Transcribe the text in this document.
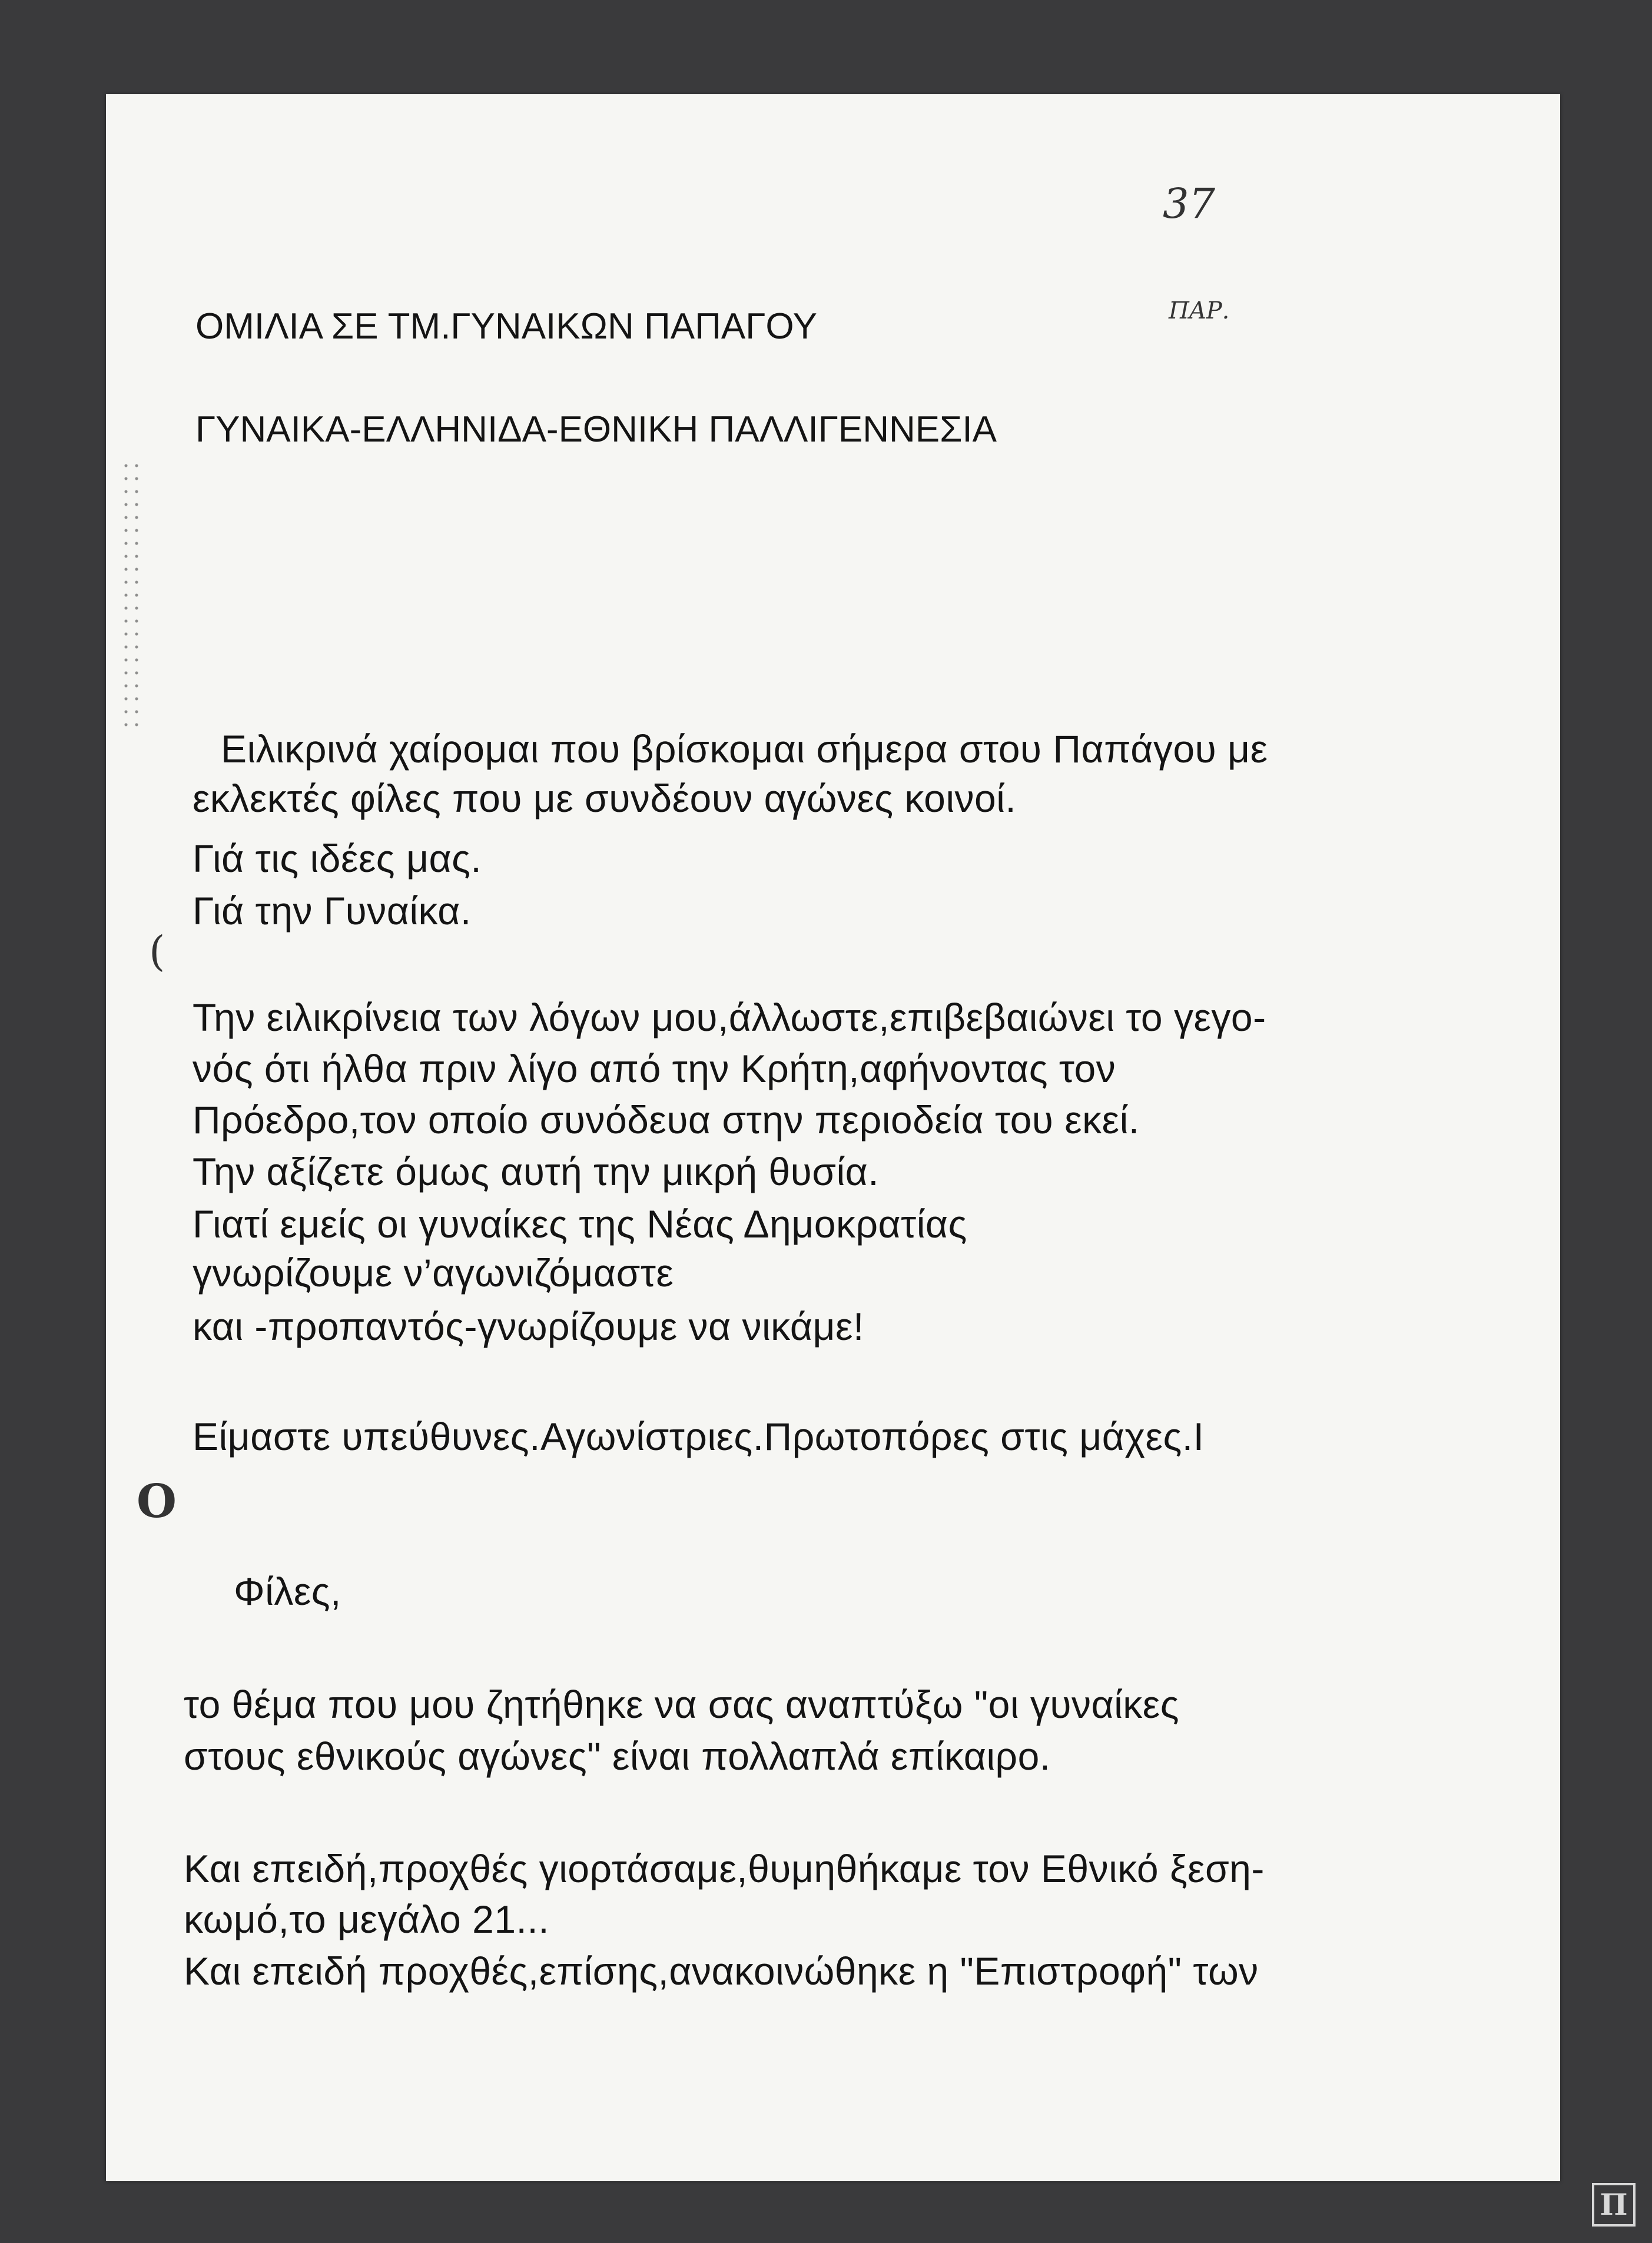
37
ΠΑΡ.
ΟΜΙΛΙΑ ΣΕ ΤΜ.ΓΥΝΑΙΚΩΝ ΠΑΠΑΓΟΥ
ΓΥΝΑΙΚΑ-ΕΛΛΗΝΙΔΑ-ΕΘΝΙΚΗ ΠΑΛΛΙΓΕΝΝΕΣΙΑ
Ειλικρινά χαίρομαι που βρίσκομαι σήμερα στου Παπάγου με
εκλεκτές φίλες που με συνδέουν αγώνες κοινοί.
Γιά τις ιδέες μας.
Γιά την Γυναίκα.
Την ειλικρίνεια των λόγων μου,άλλωστε,επιβεβαιώνει το γεγο-
νός ότι ήλθα πριν λίγο από την Κρήτη,αφήνοντας τον
Πρόεδρο,τον οποίο συνόδευα στην περιοδεία του εκεί.
Την αξίζετε όμως αυτή την μικρή θυσία.
Γιατί εμείς οι γυναίκες της Νέας Δημοκρατίας
γνωρίζουμε ν’αγωνιζόμαστε
και -προπαντός-γνωρίζουμε να νικάμε!
Είμαστε υπεύθυνες.Αγωνίστριες.Πρωτοπόρες στις μάχες.Ι
O
(
Φίλες,
το θέμα που μου ζητήθηκε να σας αναπτύξω "οι γυναίκες
στους εθνικούς αγώνες" είναι πολλαπλά επίκαιρο.
Και επειδή,προχθές γιορτάσαμε,θυμηθήκαμε τον Εθνικό ξεση-
κωμό,το μεγάλο 21...
Και επειδή προχθές,επίσης,ανακοινώθηκε η "Επιστροφή" των
Π
